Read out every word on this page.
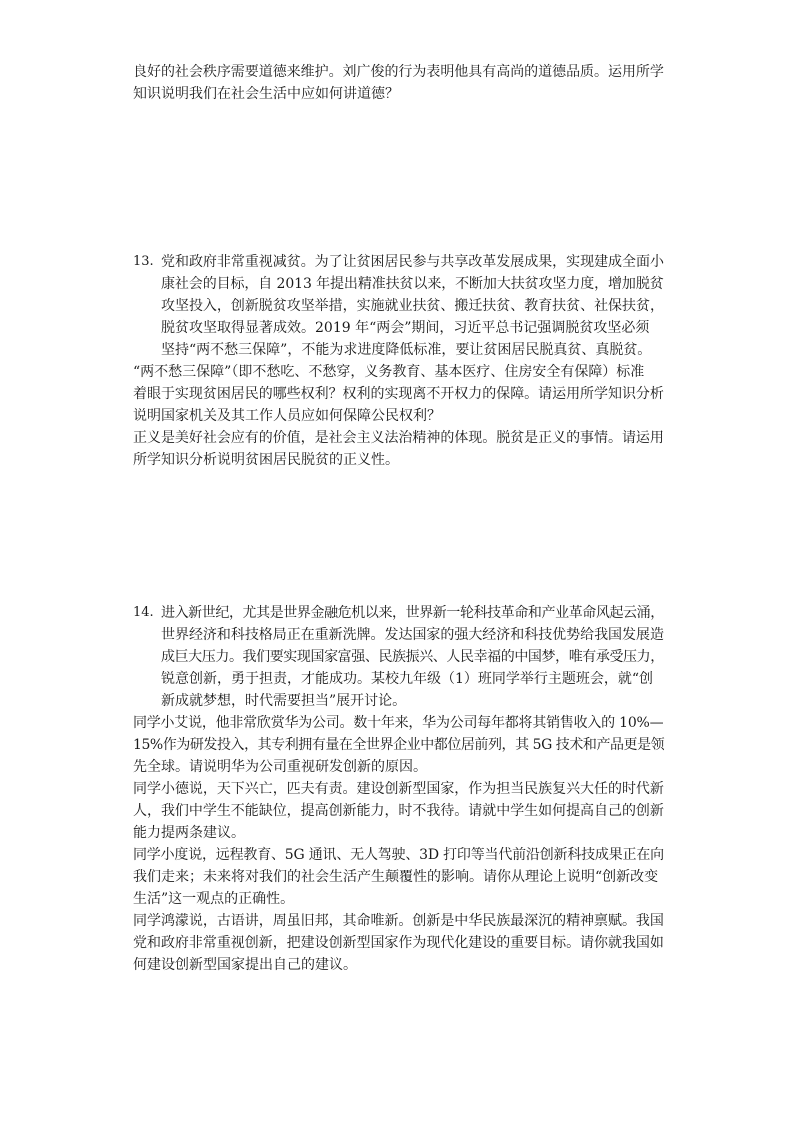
良好的社会秩序需要道德来维护。刘广俊的行为表明他具有高尚的道德品质。运用所学
知识说明我们在社会生活中应如何讲道德？
13. 党和政府非常重视减贫。为了让贫困居民参与共享改革发展成果，实现建成全面小
康社会的目标，自 2013 年提出精准扶贫以来，不断加大扶贫攻坚力度，增加脱贫
攻坚投入，创新脱贫攻坚举措，实施就业扶贫、搬迁扶贫、教育扶贫、社保扶贫，
脱贫攻坚取得显著成效。2019 年“两会”期间，习近平总书记强调脱贫攻坚必须
坚持“两不愁三保障”，不能为求进度降低标准，要让贫困居民脱真贫、真脱贫。
“两不愁三保障”（即不愁吃、不愁穿，义务教育、基本医疗、住房安全有保障）标准
着眼于实现贫困居民的哪些权利？权利的实现离不开权力的保障。请运用所学知识分析
说明国家机关及其工作人员应如何保障公民权利？
正义是美好社会应有的价值，是社会主义法治精神的体现。脱贫是正义的事情。请运用
所学知识分析说明贫困居民脱贫的正义性。
14. 进入新世纪，尤其是世界金融危机以来，世界新一轮科技革命和产业革命风起云涌，
世界经济和科技格局正在重新洗牌。发达国家的强大经济和科技优势给我国发展造
成巨大压力。我们要实现国家富强、民族振兴、人民幸福的中国梦，唯有承受压力，
锐意创新，勇于担责，才能成功。某校九年级（1）班同学举行主题班会，就“创
新成就梦想，时代需要担当”展开讨论。
同学小艾说，他非常欣赏华为公司。数十年来，华为公司每年都将其销售收入的 10%—
15%作为研发投入，其专利拥有量在全世界企业中都位居前列，其 5G 技术和产品更是领
先全球。请说明华为公司重视研发创新的原因。
同学小德说，天下兴亡，匹夫有责。建设创新型国家，作为担当民族复兴大任的时代新
人，我们中学生不能缺位，提高创新能力，时不我待。请就中学生如何提高自己的创新
能力提两条建议。
同学小度说，远程教育、5G 通讯、无人驾驶、3D 打印等当代前沿创新科技成果正在向
我们走来；未来将对我们的社会生活产生颠覆性的影响。请你从理论上说明“创新改变
生活”这一观点的正确性。
同学鸿濛说，古语讲，周虽旧邦，其命唯新。创新是中华民族最深沉的精神禀赋。我国
党和政府非常重视创新，把建设创新型国家作为现代化建设的重要目标。请你就我国如
何建设创新型国家提出自己的建议。
